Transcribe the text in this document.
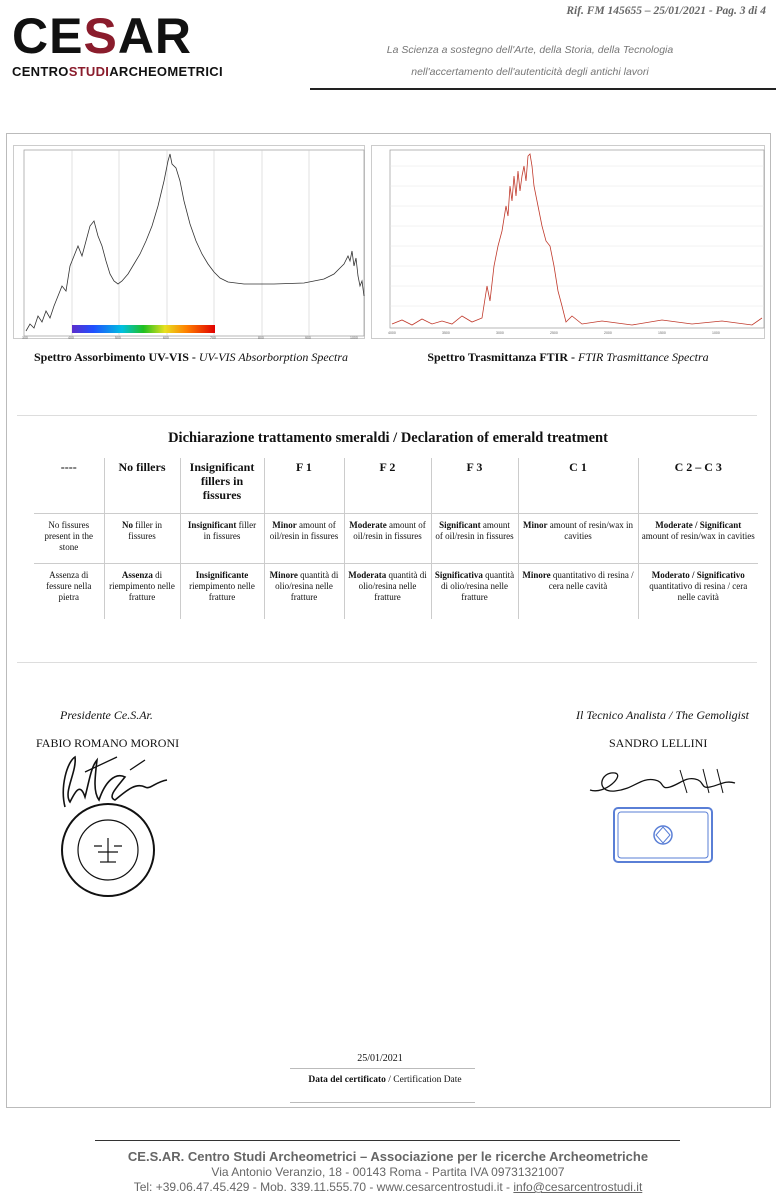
CESAR
CENTROSTUDIARCHEOMETRICI
Rif. FM 145655 – 25/01/2021 - Pag. 3 di 4
La Scienza a sostegno dell'Arte, della Storia, della Tecnologia
nell'accertamento dell'autenticità degli antichi lavori
300	400	500	600	700	800	900	1000
4000	3500	3000	2500	2000	1500	1000
Spettro Assorbimento UV-VIS - UV-VIS Absorborption Spectra	Spettro Trasmittanza FTIR - FTIR Trasmittance Spectra
Dichiarazione trattamento smeraldi / Declaration of emerald treatment
----	No fillers	Insignificant fillers in fissures	F 1	F 2	F 3	C 1	C 2 – C 3
No fissures present in the stone	No filler in fissures	Insignificant filler in fissures	Minor amount of oil/resin in fissures	Moderate amount of oil/resin in fissures	Significant amount of oil/resin in fissures	Minor amount of resin/wax in cavities	Moderate / Significant amount of resin/wax in cavities
Assenza di fessure nella pietra	Assenza di riempimento nelle fratture	Insignificante riempimento nelle fratture	Minore quantità di olio/resina nelle fratture	Moderata quantità di olio/resina nelle fratture	Significativa quantità di olio/resina nelle fratture	Minore quantitativo di resina / cera nelle cavità	Moderato / Significativo quantitativo di resina / cera nelle cavità
Presidente Ce.S.Ar.
FABIO ROMANO MORONI
Il Tecnico Analista / The Gemoligist
SANDRO LELLINI
25/01/2021
Data del certificato / Certification Date
CE.S.AR. Centro Studi Archeometrici – Associazione per le ricerche Archeometriche
Via Antonio Veranzio, 18 - 00143 Roma - Partita IVA 09731321007
Tel: +39.06.47.45.429 - Mob. 339.11.555.70 - www.cesarcentrostudi.it - info@cesarcentrostudi.it
